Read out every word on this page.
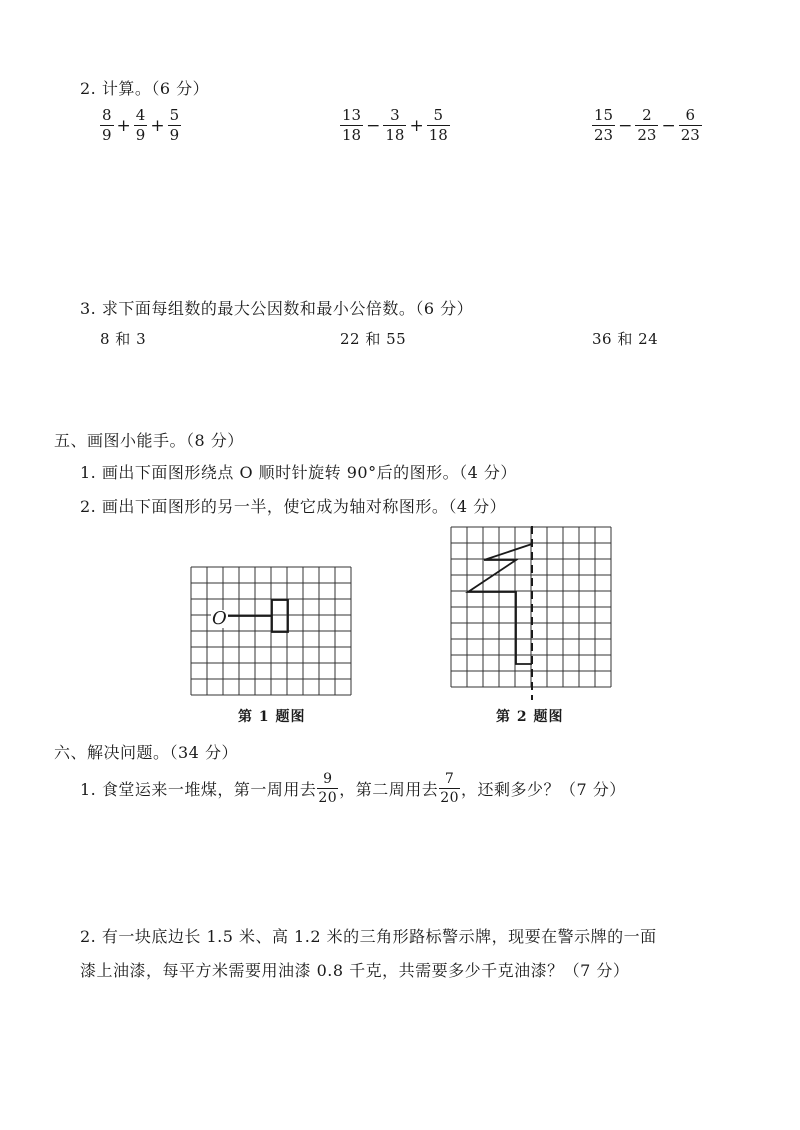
2. 计算。（6 分）
$\frac{8}{9} + \frac{4}{9} + \frac{5}{9}$	$\frac{13}{18} - \frac{3}{18} + \frac{5}{18}$	$\frac{15}{23} - \frac{2}{23} - \frac{6}{23}$
3. 求下面每组数的最大公因数和最小公倍数。（6 分）
8 和 3	22 和 55	36 和 24
五、画图小能手。（8 分）
1. 画出下面图形绕点 O 顺时针旋转 90°后的图形。（4 分）
2. 画出下面图形的另一半，使它成为轴对称图形。（4 分）
O
第 1 题图	第 2 题图
六、解决问题。（34 分）
1. 食堂运来一堆煤，第一周用去 $\frac{9}{20}$ ，第二周用去 $\frac{7}{20}$ ，还剩多少？（7 分）
2. 有一块底边长 1.5 米、高 1.2 米的三角形路标警示牌，现要在警示牌的一面
漆上油漆，每平方米需要用油漆 0.8 千克，共需要多少千克油漆？（7 分）
